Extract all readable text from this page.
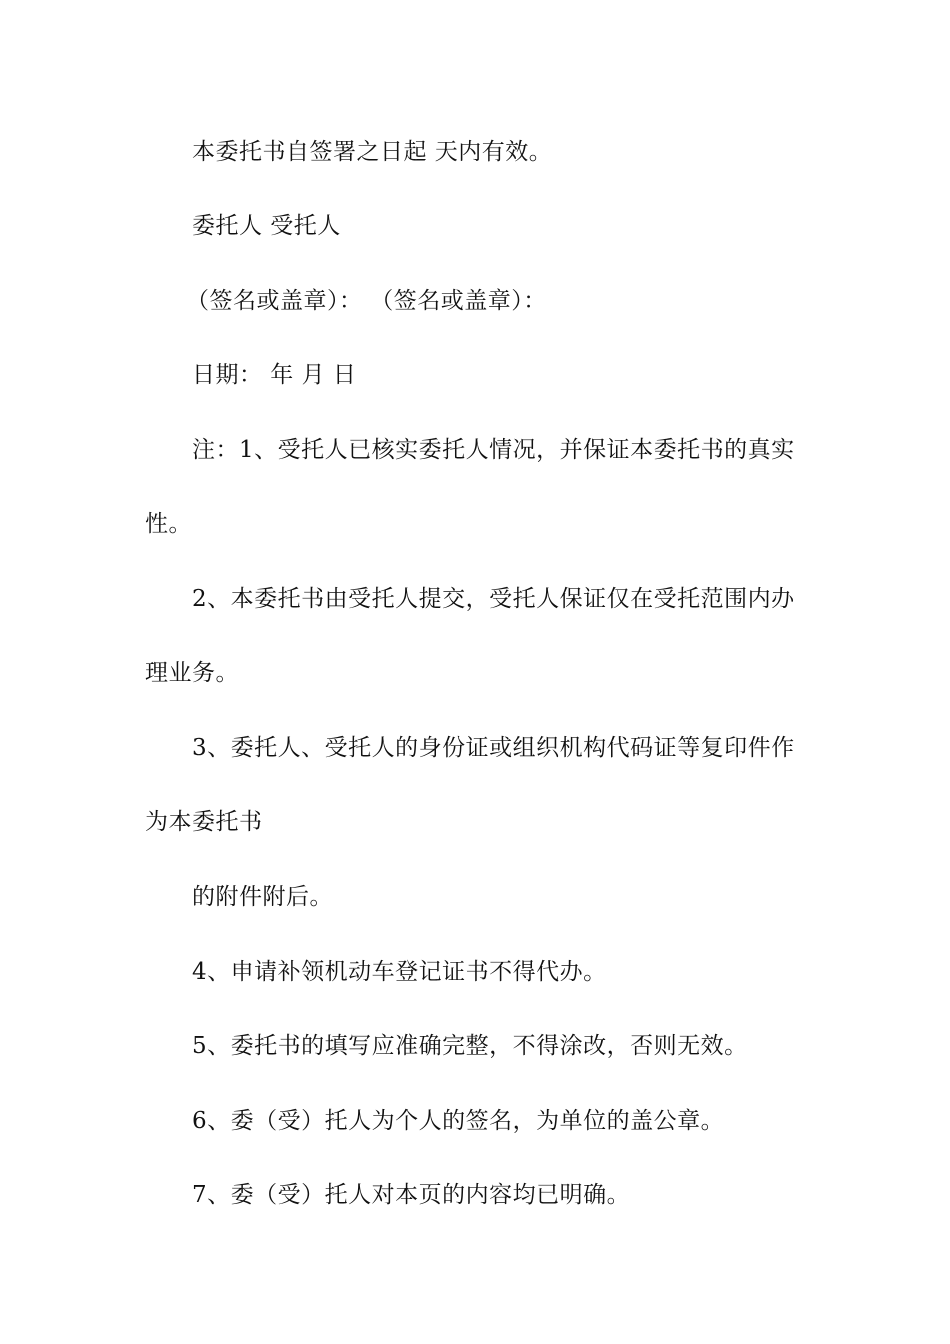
本委托书自签署之日起 天内有效。

委托人 受托人

（签名或盖章）： （签名或盖章）：

日期： 年 月 日

注：1、受托人已核实委托人情况，并保证本委托书的真实

性。

2、本委托书由受托人提交，受托人保证仅在受托范围内办

理业务。

3、委托人、受托人的身份证或组织机构代码证等复印件作

为本委托书

的附件附后。

4、申请补领机动车登记证书不得代办。

5、委托书的填写应准确完整，不得涂改，否则无效。

6、委（受）托人为个人的签名，为单位的盖公章。

7、委（受）托人对本页的内容均已明确。
